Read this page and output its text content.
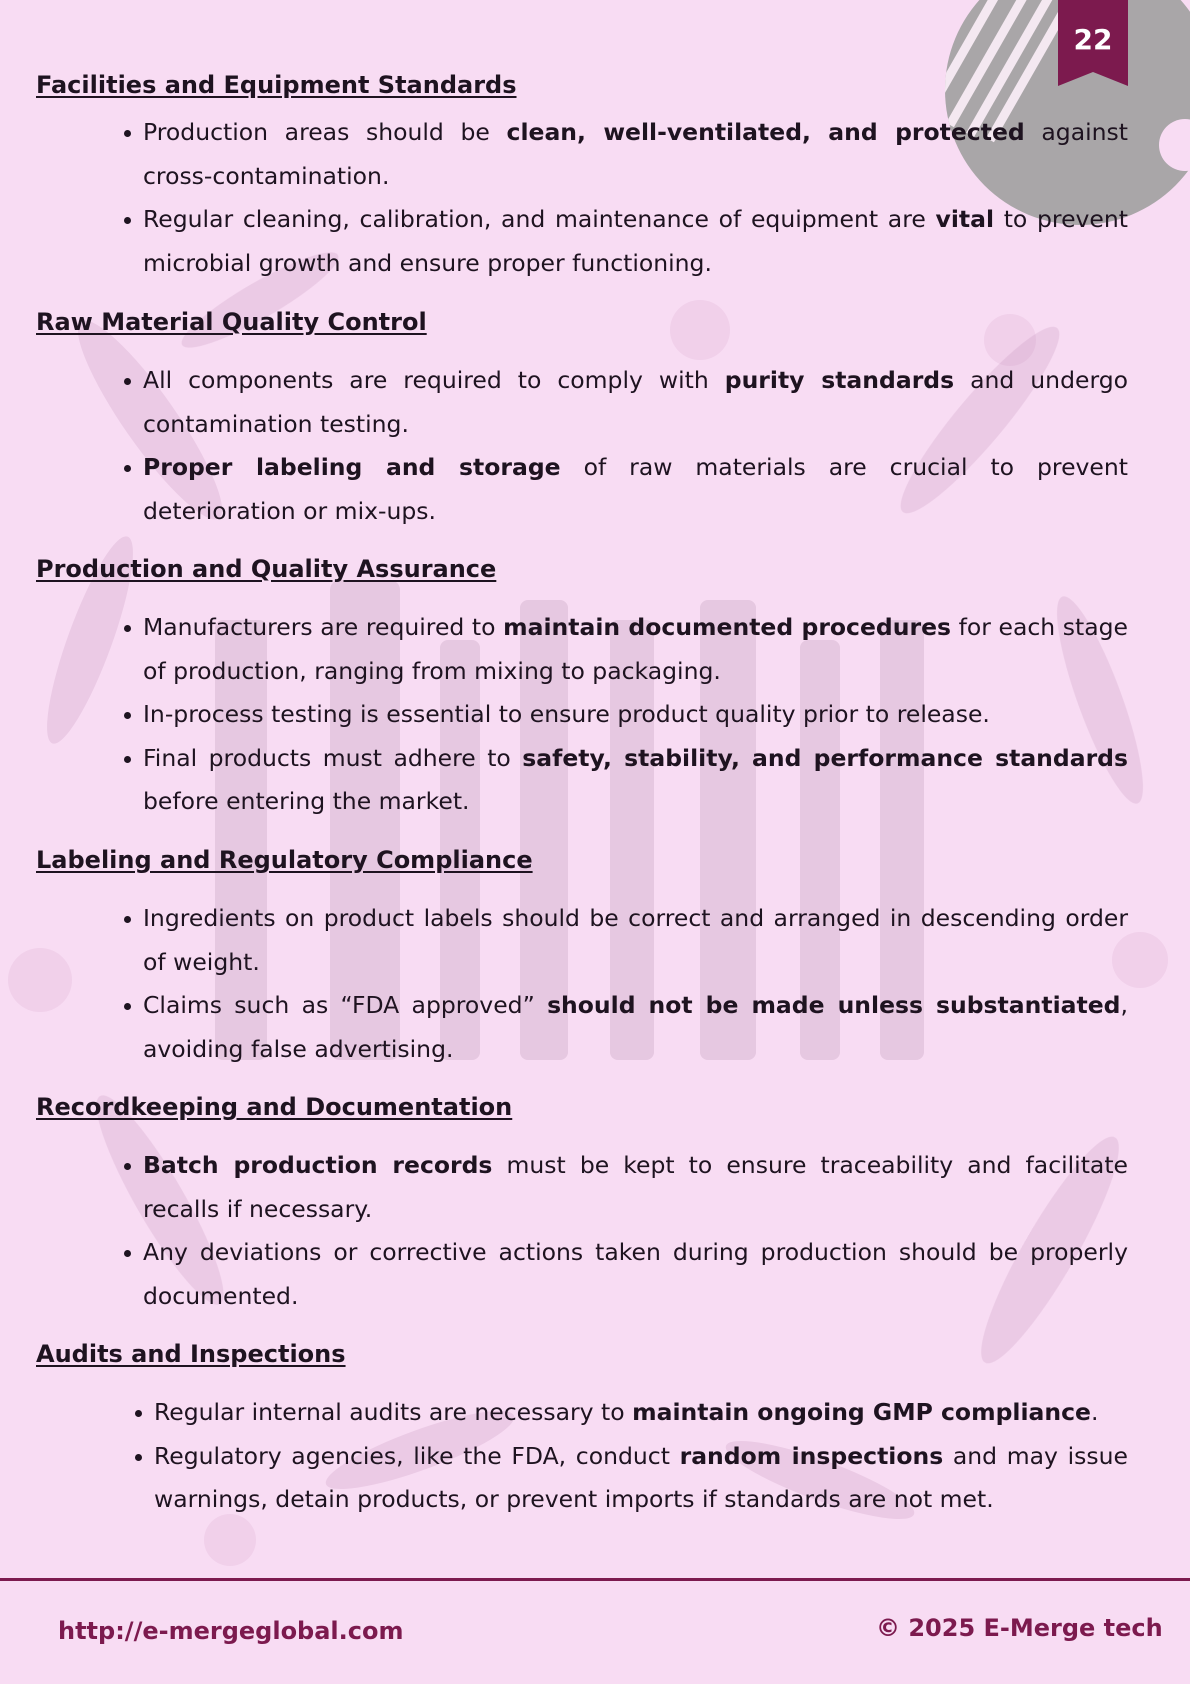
22
Facilities and Equipment Standards
Production areas should be clean, well-ventilated, and protected against cross-contamination.
Regular cleaning, calibration, and maintenance of equipment are vital to prevent microbial growth and ensure proper functioning.
Raw Material Quality Control
All components are required to comply with purity standards and undergo contamination testing.
Proper labeling and storage of raw materials are crucial to prevent deterioration or mix-ups.
Production and Quality Assurance
Manufacturers are required to maintain documented procedures for each stage of production, ranging from mixing to packaging.
In-process testing is essential to ensure product quality prior to release.
Final products must adhere to safety, stability, and performance standards before entering the market.
Labeling and Regulatory Compliance
Ingredients on product labels should be correct and arranged in descending order of weight.
Claims such as “FDA approved” should not be made unless substantiated, avoiding false advertising.
Recordkeeping and Documentation
Batch production records must be kept to ensure traceability and facilitate recalls if necessary.
Any deviations or corrective actions taken during production should be properly documented.
Audits and Inspections
Regular internal audits are necessary to maintain ongoing GMP compliance.
Regulatory agencies, like the FDA, conduct random inspections and may issue warnings, detain products, or prevent imports if standards are not met.
http://e-mergeglobal.com	© 2025 E-Merge tech
